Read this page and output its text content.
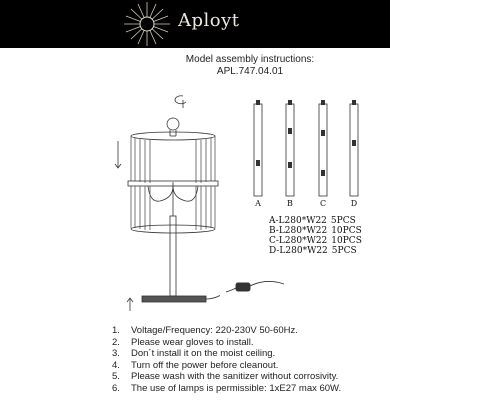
Aployt
Model assembly instructions:
APL.747.04.01
A	B	C	D
A-L280*W22 5PCS
B-L280*W22 10PCS
C-L280*W22 10PCS
D-L280*W22 5PCS
1. Voltage/Frequency: 220-230V 50-60Hz.
2. Please wear gloves to install.
3. Don´t install it on the moist ceiling.
4. Turn off the power before cleanout.
5. Please wash with the sanitizer without corrosivity.
6. The use of lamps is permissible: 1xE27 max 60W.
